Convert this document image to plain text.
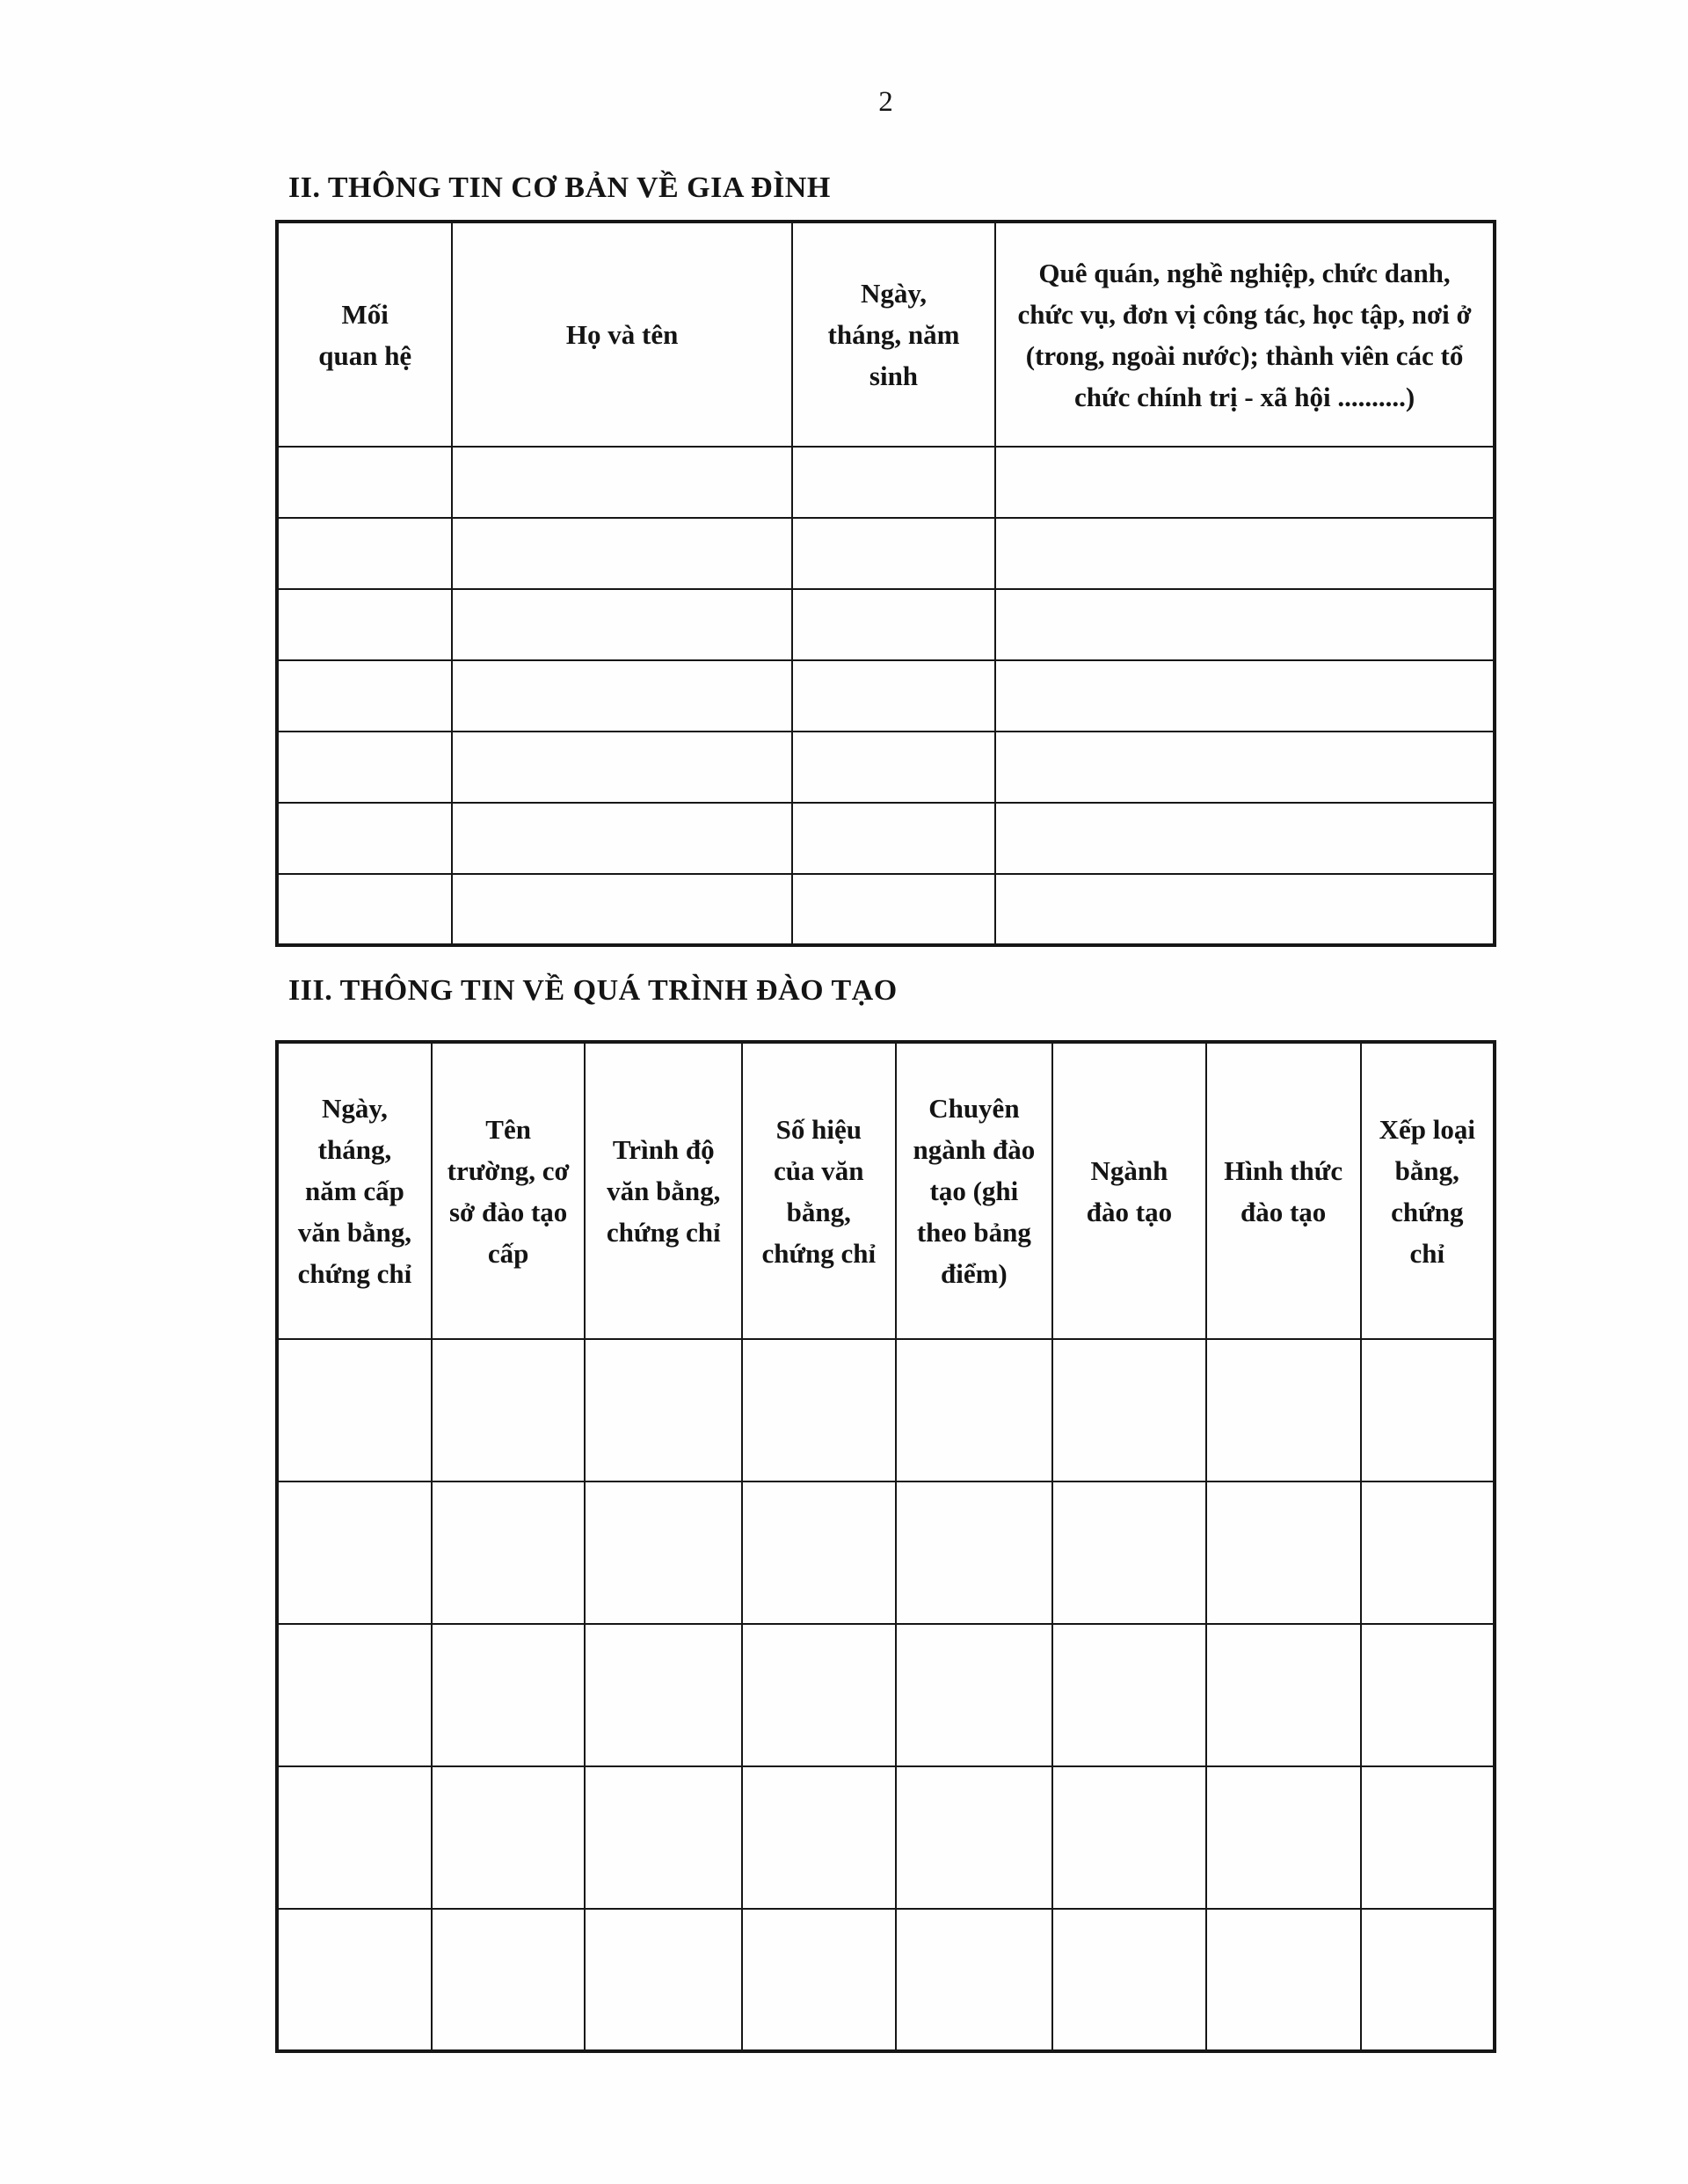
2
II. THÔNG TIN CƠ BẢN VỀ GIA ĐÌNH
Mối quan hệ	Họ và tên	Ngày, tháng, năm sinh	Quê quán, nghề nghiệp, chức danh, chức vụ, đơn vị công tác, học tập, nơi ở (trong, ngoài nước); thành viên các tổ chức chính trị - xã hội ..........)

III. THÔNG TIN VỀ QUÁ TRÌNH ĐÀO TẠO
Ngày, tháng, năm cấp văn bằng, chứng chỉ	Tên trường, cơ sở đào tạo cấp	Trình độ văn bằng, chứng chỉ	Số hiệu của văn bằng, chứng chỉ	Chuyên ngành đào tạo (ghi theo bảng điểm)	Ngành đào tạo	Hình thức đào tạo	Xếp loại bằng, chứng chỉ
